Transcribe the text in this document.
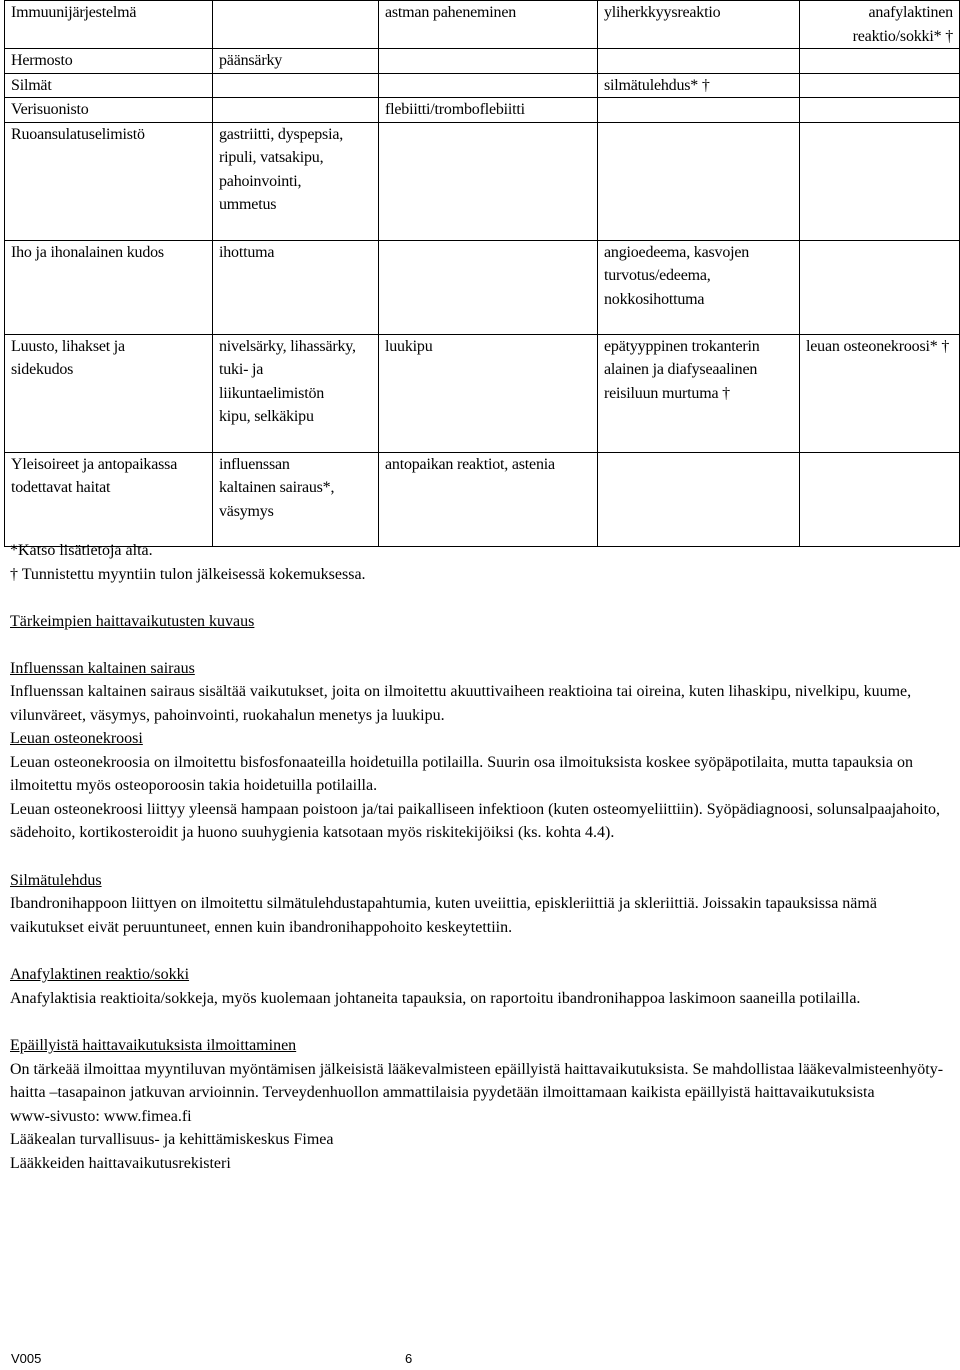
Immuunijärjestelmä		astman paheneminen	yliherkkyysreaktio	anafylaktinen reaktio/sokki* †
Hermosto	päänsärky			
Silmät			silmätulehdus* †	
Verisuonisto		flebiitti/tromboflebiitti		
Ruoansulatuselimistö	gastriitti, dyspepsia, ripuli, vatsakipu, pahoinvointi, ummetus			
Iho ja ihonalainen kudos	ihottuma		angioedeema, kasvojen turvotus/edeema, nokkosihottuma	
Luusto, lihakset ja sidekudos	nivelsärky, lihassärky, tuki- ja liikuntaelimistön kipu, selkäkipu	luukipu	epätyyppinen trokanterin alainen ja diafyseaalinen reisiluun murtuma †	leuan osteonekroosi* †
Yleisoireet ja antopaikassa todettavat haitat	influenssan kaltainen sairaus*, väsymys	antopaikan reaktiot, astenia		

*Katso lisätietoja alta.

† Tunnistettu myyntiin tulon jälkeisessä kokemuksessa.

Tärkeimpien haittavaikutusten kuvaus

Influenssan kaltainen sairaus

Influenssan kaltainen sairaus sisältää vaikutukset, joita on ilmoitettu akuuttivaiheen reaktioina tai oireina, kuten lihaskipu, nivelkipu, kuume, vilunväreet, väsymys, pahoinvointi, ruokahalun menetys ja luukipu.

Leuan osteonekroosi

Leuan osteonekroosia on ilmoitettu bisfosfonaateilla hoidetuilla potilailla. Suurin osa ilmoituksista koskee syöpäpotilaita, mutta tapauksia on ilmoitettu myös osteoporoosin takia hoidetuilla potilailla.

Leuan osteonekroosi liittyy yleensä hampaan poistoon ja/tai paikalliseen infektioon (kuten osteomyeliittiin). Syöpädiagnoosi, solunsalpaajahoito, sädehoito, kortikosteroidit ja huono suuhygienia katsotaan myös riskitekijöiksi (ks. kohta 4.4).

Silmätulehdus

Ibandronihappoon liittyen on ilmoitettu silmätulehdustapahtumia, kuten uveiittia, episkleriittiä ja skleriittiä. Joissakin tapauksissa nämä vaikutukset eivät peruuntuneet, ennen kuin ibandronihappohoito keskeytettiin.

Anafylaktinen reaktio/sokki

Anafylaktisia reaktioita/sokkeja, myös kuolemaan johtaneita tapauksia, on raportoitu ibandronihappoa laskimoon saaneilla potilailla.

Epäillyistä haittavaikutuksista ilmoittaminen

On tärkeää ilmoittaa myyntiluvan myöntämisen jälkeisistä lääkevalmisteen epäillyistä haittavaikutuksista. Se mahdollistaa lääkevalmisteenhyöty-haitta –tasapainon jatkuvan arvioinnin. Terveydenhuollon ammattilaisia pyydetään ilmoittamaan kaikista epäillyistä haittavaikutuksista

www-sivusto: www.fimea.fi

Lääkealan turvallisuus- ja kehittämiskeskus Fimea

Lääkkeiden haittavaikutusrekisteri

V005	6
